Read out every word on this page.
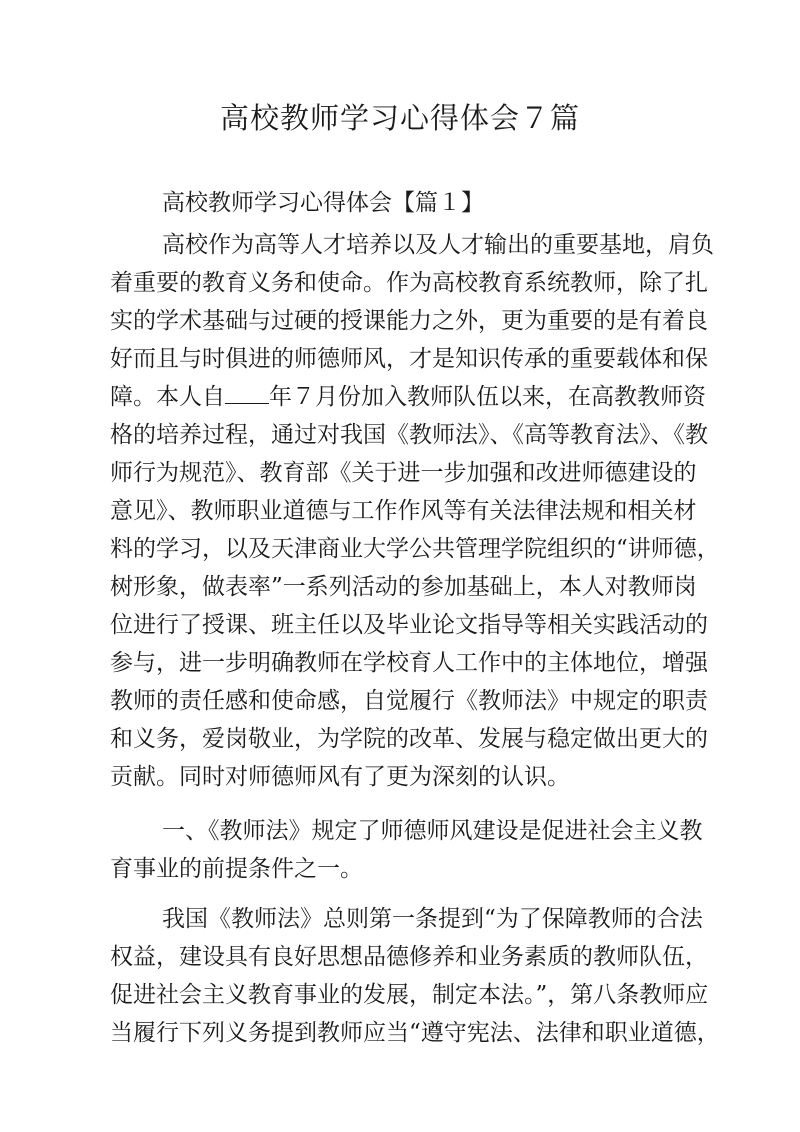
高校教师学习心得体会７篇

高校教师学习心得体会【篇１】

高校作为高等人才培养以及人才输出的重要基地，肩负

着重要的教育义务和使命。作为高校教育系统教师，除了扎

实的学术基础与过硬的授课能力之外，更为重要的是有着良

好而且与时俱进的师德师风，才是知识传承的重要载体和保

障。本人自 年７月份加入教师队伍以来，在高教教师资

格的培养过程，通过对我国《教师法》、《高等教育法》、《教

师行为规范》、教育部《关于进一步加强和改进师德建设的

意见》、教师职业道德与工作作风等有关法律法规和相关材

料的学习，以及天津商业大学公共管理学院组织的“讲师德，

树形象，做表率”一系列活动的参加基础上，本人对教师岗

位进行了授课、班主任以及毕业论文指导等相关实践活动的

参与，进一步明确教师在学校育人工作中的主体地位，增强

教师的责任感和使命感，自觉履行《教师法》中规定的职责

和义务，爱岗敬业，为学院的改革、发展与稳定做出更大的

贡献。同时对师德师风有了更为深刻的认识。

一、《教师法》规定了师德师风建设是促进社会主义教

育事业的前提条件之一。

我国《教师法》总则第一条提到“为了保障教师的合法

权益，建设具有良好思想品德修养和业务素质的教师队伍，

促进社会主义教育事业的发展，制定本法。”，第八条教师应

当履行下列义务提到教师应当“遵守宪法、法律和职业道德，
